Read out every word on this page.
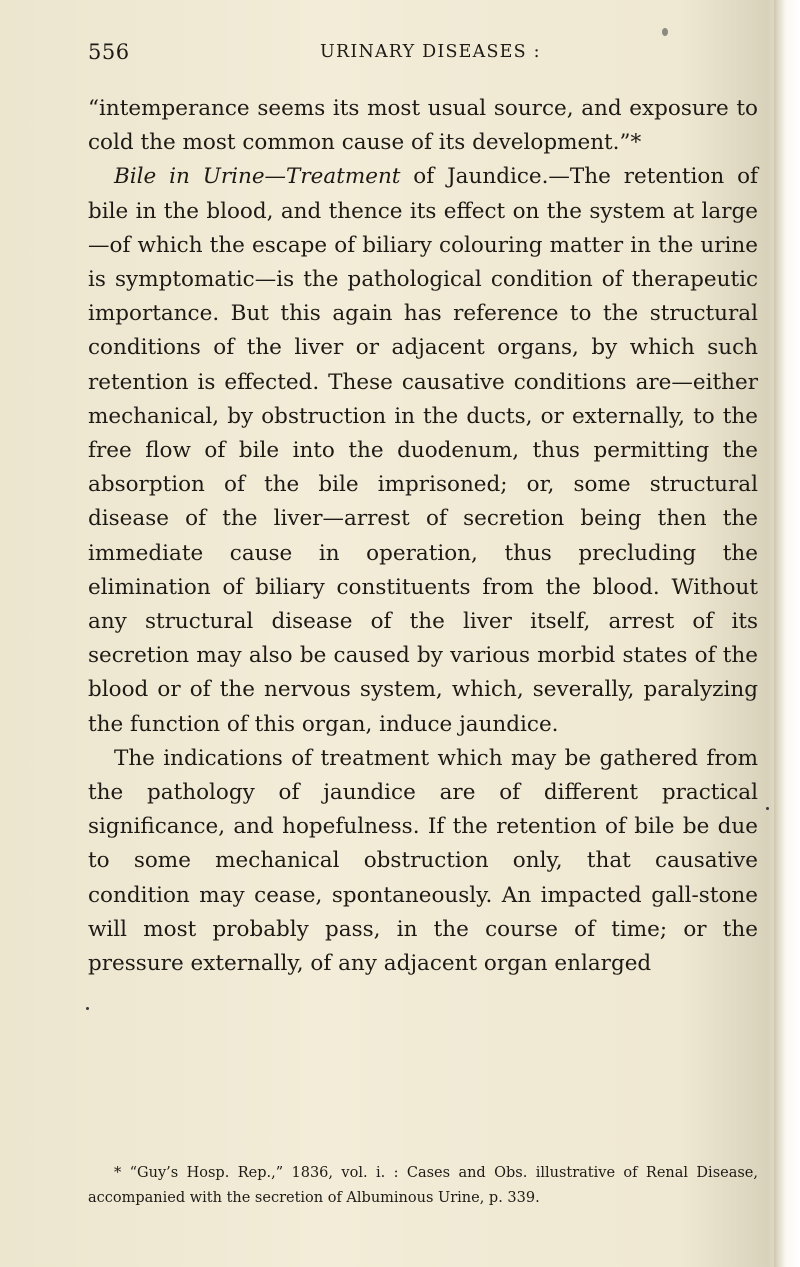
556	URINARY DISEASES :

“intemperance seems its most usual source, and exposure to cold the most common cause of its development.”*

Bile in Urine—Treatment of Jaundice.—The retention of bile in the blood, and thence its effect on the system at large—of which the escape of biliary colouring matter in the urine is symptomatic—is the pathological condition of therapeutic importance. But this again has reference to the structural conditions of the liver or adjacent organs, by which such retention is effected. These causative conditions are—either mechanical, by obstruction in the ducts, or externally, to the free flow of bile into the duodenum, thus permitting the absorption of the bile imprisoned; or, some structural disease of the liver—arrest of secretion being then the immediate cause in operation, thus precluding the elimination of biliary constituents from the blood. Without any structural disease of the liver itself, arrest of its secretion may also be caused by various morbid states of the blood or of the nervous system, which, severally, paralyzing the function of this organ, induce jaundice.

The indications of treatment which may be gathered from the pathology of jaundice are of different practical significance, and hopefulness. If the retention of bile be due to some mechanical obstruction only, that causative condition may cease, spontaneously. An impacted gall-stone will most probably pass, in the course of time; or the pressure externally, of any adjacent organ enlarged

* “Guy’s Hosp. Rep.,” 1836, vol. i. : Cases and Obs. illustrative of Renal Disease, accompanied with the secretion of Albuminous Urine, p. 339.
